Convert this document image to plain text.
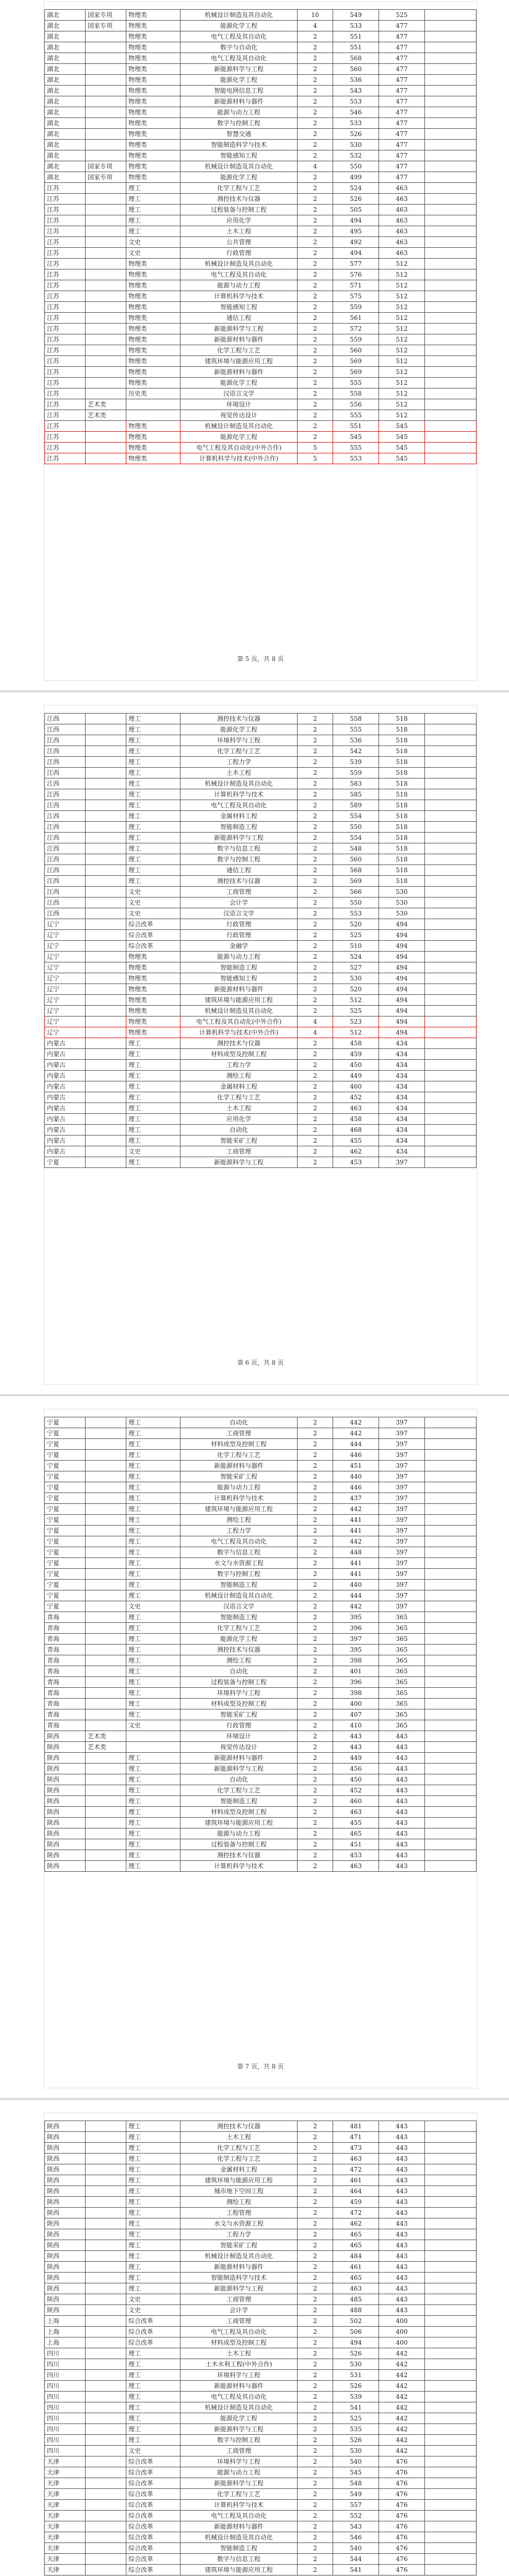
湖北	国家专项	物理类	机械设计制造及其自动化	10	549	525	
湖北	国家专项	物理类	能源化学工程	4	533	477	
湖北		物理类	电气工程及其自动化	2	551	477	
湖北		物理类	数字与自动化	2	551	477	
湖北		物理类	电气工程及其自动化	2	568	477	
湖北		物理类	新能源科学与工程	2	560	477	
湖北		物理类	能源化学工程	2	536	477	
湖北		物理类	智能电网信息工程	2	543	477	
湖北		物理类	新能源材料与器件	2	553	477	
湖北		物理类	能源与动力工程	2	546	477	
湖北		物理类	数字与控制工程	2	533	477	
湖北		物理类	智慧交通	2	526	477	
湖北		物理类	智能制造科学与技术	2	530	477	
湖北		物理类	智能感知工程	2	532	477	
湖北	国家专项	物理类	机械设计制造及其自动化	4	550	477	
湖北	国家专项	物理类	能源化学工程	2	499	477	
江苏		理工	化学工程与工艺	2	524	463	
江苏		理工	测控技术与仪器	2	526	463	
江苏		理工	过程装备与控制工程	2	505	463	
江苏		理工	应用化学	2	494	463	
江苏		理工	土木工程	2	495	463	
江苏		文史	公共管理	2	492	463	
江苏		文史	行政管理	2	494	463	
江苏		物理类	机械设计制造及其自动化	2	577	512	
江苏		物理类	电气工程及其自动化	2	576	512	
江苏		物理类	能源与动力工程	2	571	512	
江苏		物理类	计算机科学与技术	2	575	512	
江苏		物理类	智能感知工程	2	559	512	
江苏		物理类	通信工程	2	561	512	
江苏		物理类	新能源科学与工程	2	572	512	
江苏		物理类	新能源材料与器件	2	559	512	
江苏		物理类	化学工程与工艺	2	560	512	
江苏		物理类	建筑环境与能源应用工程	2	569	512	
江苏		物理类	新能源材料与器件	2	569	512	
江苏		物理类	能源化学工程	2	555	512	
江苏		历史类	汉语言文学	2	558	512	
江苏	艺术类		环境设计	2	556	512	
江苏	艺术类		视觉传达设计	2	555	512	
江苏		物理类	机械设计制造及其自动化	2	551	545	
江苏		物理类	能源化学工程	2	545	545	
江苏		物理类	电气工程及其自动化(中外合作)	5	555	545	
江苏		物理类	计算机科学与技术(中外合作)	5	553	545	
第 5 页，共 8 页
江西		理工	测控技术与仪器	2	558	518	
江西		理工	能源化学工程	2	555	518	
江西		理工	环境科学与工程	2	536	518	
江西		理工	化学工程与工艺	2	542	518	
江西		理工	工程力学	2	539	518	
江西		理工	土木工程	2	559	518	
江西		理工	机械设计制造及其自动化	2	583	518	
江西		理工	计算机科学与技术	2	585	518	
江西		理工	电气工程及其自动化	2	589	518	
江西		理工	金属材料工程	2	554	518	
江西		理工	智能制造工程	2	550	518	
江西		理工	新能源科学与工程	2	554	518	
江西		理工	数字与信息工程	2	548	518	
江西		理工	数字与控制工程	2	560	518	
江西		理工	通信工程	2	568	518	
江西		理工	测控技术与仪器	2	569	518	
江西		文史	工商管理	2	566	530	
江西		文史	会计学	2	550	530	
江西		文史	汉语言文学	2	553	530	
辽宁		综合改革	行政管理	2	520	494	
辽宁		综合改革	行政管理	2	525	494	
辽宁		综合改革	金融学	2	510	494	
辽宁		物理类	能源与动力工程	2	524	494	
辽宁		物理类	智能制造工程	2	527	494	
辽宁		物理类	智能感知工程	2	530	494	
辽宁		物理类	新能源材料与器件	2	520	494	
辽宁		物理类	建筑环境与能源应用工程	2	512	494	
辽宁		物理类	机械设计制造及其自动化	2	525	494	
辽宁		物理类	电气工程及其自动化(中外合作)	4	523	494	
辽宁		物理类	计算机科学与技术(中外合作)	4	512	494	
内蒙古		理工	测控技术与仪器	2	458	434	
内蒙古		理工	材料成型及控制工程	2	459	434	
内蒙古		理工	工程力学	2	450	434	
内蒙古		理工	测绘工程	2	449	434	
内蒙古		理工	金属材料工程	2	460	434	
内蒙古		理工	化学工程与工艺	2	452	434	
内蒙古		理工	土木工程	2	463	434	
内蒙古		理工	应用化学	2	458	434	
内蒙古		理工	自动化	2	468	434	
内蒙古		理工	智能采矿工程	2	455	434	
内蒙古		文史	工商管理	2	462	434	
宁夏		理工	新能源科学与工程	2	453	397	
第 6 页，共 8 页
宁夏		理工	自动化	2	442	397	
宁夏		理工	工商管理	2	442	397	
宁夏		理工	材料成型及控制工程	2	444	397	
宁夏		理工	化学工程与工艺	2	446	397	
宁夏		理工	新能源材料与器件	2	451	397	
宁夏		理工	智能采矿工程	2	440	397	
宁夏		理工	能源与动力工程	2	446	397	
宁夏		理工	计算机科学与技术	2	437	397	
宁夏		理工	建筑环境与能源应用工程	2	442	397	
宁夏		理工	测绘工程	2	441	397	
宁夏		理工	工程力学	2	441	397	
宁夏		理工	电气工程及其自动化	2	442	397	
宁夏		理工	数字与信息工程	2	448	397	
宁夏		理工	水文与水资源工程	2	441	397	
宁夏		理工	数字与控制工程	2	441	397	
宁夏		理工	智能制造工程	2	440	397	
宁夏		理工	机械设计制造及其自动化	2	444	397	
宁夏		文史	汉语言文学	2	442	397	
青海		理工	智能制造工程	2	395	365	
青海		理工	化学工程与工艺	2	396	365	
青海		理工	能源化学工程	2	397	365	
青海		理工	测控技术与仪器	2	395	365	
青海		理工	测绘工程	2	398	365	
青海		理工	自动化	2	401	365	
青海		理工	过程装备与控制工程	2	396	365	
青海		理工	环境科学与工程	2	398	365	
青海		理工	材料成型及控制工程	2	400	365	
青海		理工	智能采矿工程	2	407	365	
青海		文史	行政管理	2	410	365	
陕西	艺术类		环境设计	2	443	443	
陕西	艺术类		视觉传达设计	2	443	443	
陕西		理工	新能源材料与器件	2	449	443	
陕西		理工	新能源科学与工程	2	456	443	
陕西		理工	自动化	2	450	443	
陕西		理工	化学工程与工艺	2	452	443	
陕西		理工	智能制造工程	2	460	443	
陕西		理工	材料成型及控制工程	2	463	443	
陕西		理工	建筑环境与能源应用工程	2	455	443	
陕西		理工	能源与动力工程	2	465	443	
陕西		理工	过程装备与控制工程	2	451	443	
陕西		理工	测控技术与仪器	2	453	443	
陕西		理工	计算机科学与技术	2	463	443	
第 7 页，共 8 页
陕西		理工	测控技术与仪器	2	481	443	
陕西		理工	土木工程	2	471	443	
陕西		理工	化学工程与工艺	2	473	443	
陕西		理工	化学工程与工艺	2	463	443	
陕西		理工	金属材料工程	2	472	443	
陕西		理工	建筑环境与能源应用工程	2	461	443	
陕西		理工	城市地下空间工程	2	464	443	
陕西		理工	测绘工程	2	459	443	
陕西		理工	工程管理	2	472	443	
陕西		理工	水文与水资源工程	2	462	443	
陕西		理工	工程力学	2	465	443	
陕西		理工	智能采矿工程	2	465	443	
陕西		理工	机械设计制造及其自动化	2	484	443	
陕西		理工	新能源材料与器件	2	461	443	
陕西		理工	智能制造科学与技术	2	465	443	
陕西		理工	新能源科学与工程	2	463	443	
陕西		文史	工商管理	2	485	443	
陕西		文史	会计学	2	488	443	
上海		综合改革	工商管理	2	502	400	
上海		综合改革	电气工程及其自动化	2	506	400	
上海		综合改革	材料成型及控制工程	2	494	400	
四川		理工	土木工程	2	526	442	
四川		理工	土木水利工程(中外合作)	2	530	442	
四川		理工	环境科学与工程	2	531	442	
四川		理工	新能源材料与器件	2	526	442	
四川		理工	电气工程及其自动化	2	539	442	
四川		理工	机械设计制造及其自动化	2	541	442	
四川		理工	能源化学工程	2	525	442	
四川		理工	新能源科学与工程	2	535	442	
四川		理工	数字与控制工程	2	526	442	
四川		文史	工商管理	2	530	442	
天津		综合改革	环境科学与工程	2	540	476	
天津		综合改革	能源与动力工程	2	545	476	
天津		综合改革	新能源科学与工程	2	548	476	
天津		综合改革	化学工程与工艺	2	549	476	
天津		综合改革	计算机科学与技术	2	557	476	
天津		综合改革	电气工程及其自动化	2	552	476	
天津		综合改革	新能源材料与器件	2	543	476	
天津		综合改革	机械设计制造及其自动化	2	546	476	
天津		综合改革	智能制造工程	2	540	476	
天津		综合改革	数字与信息工程	2	544	476	
天津		综合改革	建筑环境与能源应用工程	2	541	476	
